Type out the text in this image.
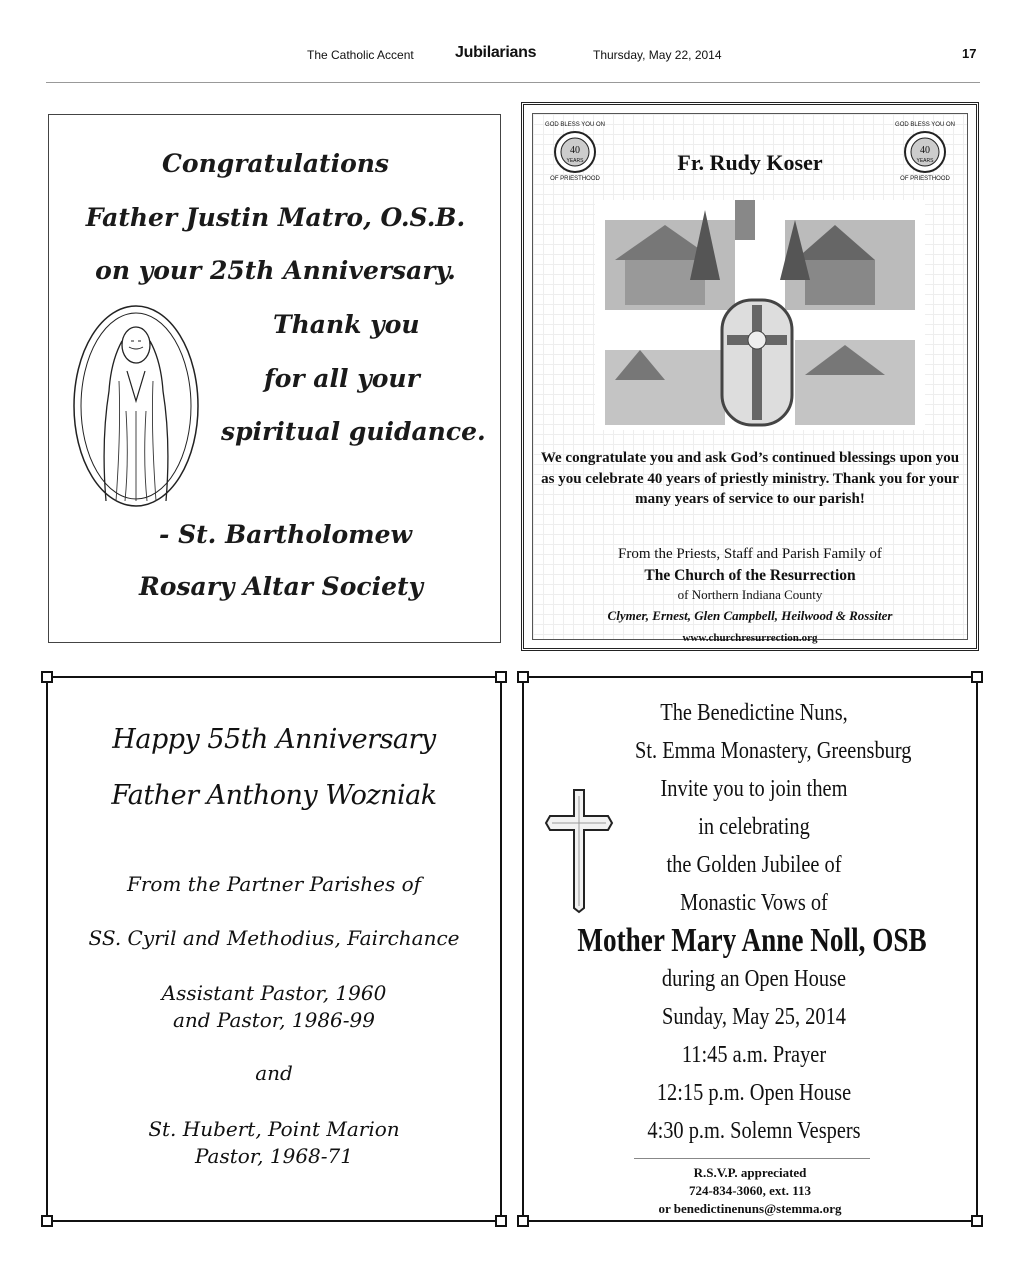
The Catholic Accent	Jubilarians	Thursday, May 22, 2014	17
Congratulations
Father Justin Matro, O.S.B.
on your 25th Anniversary.
Thank you
for all your
spiritual guidance.
- St. Bartholomew
Rosary Altar Society
GOD BLESS YOU ON
40
YEARS
OF PRIESTHOOD
GOD BLESS YOU ON
40
YEARS
OF PRIESTHOOD
Fr. Rudy Koser
We congratulate you and ask God’s continued blessings upon you as you celebrate 40 years of priestly ministry. Thank you for your many years of service to our parish!
From the Priests, Staff and Parish Family of
The Church of the Resurrection
of Northern Indiana County
Clymer, Ernest, Glen Campbell, Heilwood & Rossiter
www.churchresurrection.org
Happy 55th Anniversary
Father Anthony Wozniak
From the Partner Parishes of
SS. Cyril and Methodius, Fairchance
Assistant Pastor, 1960
and Pastor, 1986-99
and
St. Hubert, Point Marion
Pastor, 1968-71
The Benedictine Nuns,
St. Emma Monastery, Greensburg
Invite you to join them
in celebrating
the Golden Jubilee of
Monastic Vows of
Mother Mary Anne Noll, OSB
during an Open House
Sunday, May 25, 2014
11:45 a.m. Prayer
12:15 p.m. Open House
4:30 p.m. Solemn Vespers
R.S.V.P. appreciated
724-834-3060, ext. 113
or benedictinenuns@stemma.org
